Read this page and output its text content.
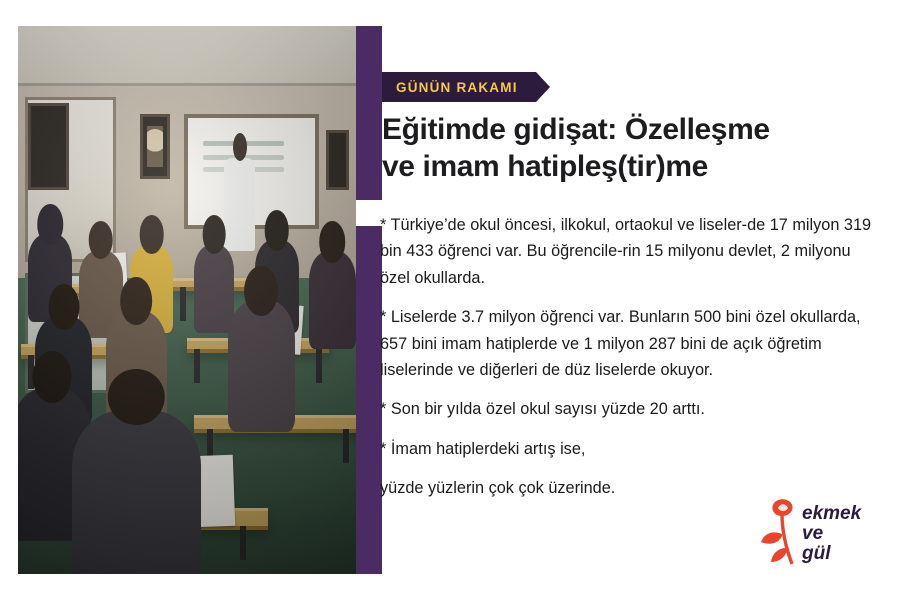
GÜNÜN RAKAMI
Eğitimde gidişat: Özelleşme
ve imam hatipleş(tir)me

* Türkiye’de okul öncesi, ilkokul, ortaokul ve liseler-de 17 milyon 319 bin 433 öğrenci var. Bu öğrencile-rin 15 milyonu devlet, 2 milyonu özel okullarda.

* Liselerde 3.7 milyon öğrenci var. Bunların 500 bini özel okullarda, 657 bini imam hatiplerde ve 1 milyon 287 bini de açık öğretim liselerinde ve diğerleri de düz liselerde okuyor.

* Son bir yılda özel okul sayısı yüzde 20 arttı.

* İmam hatiplerdeki artış ise,

yüzde yüzlerin çok çok üzerinde.

ekmek
ve
gül
